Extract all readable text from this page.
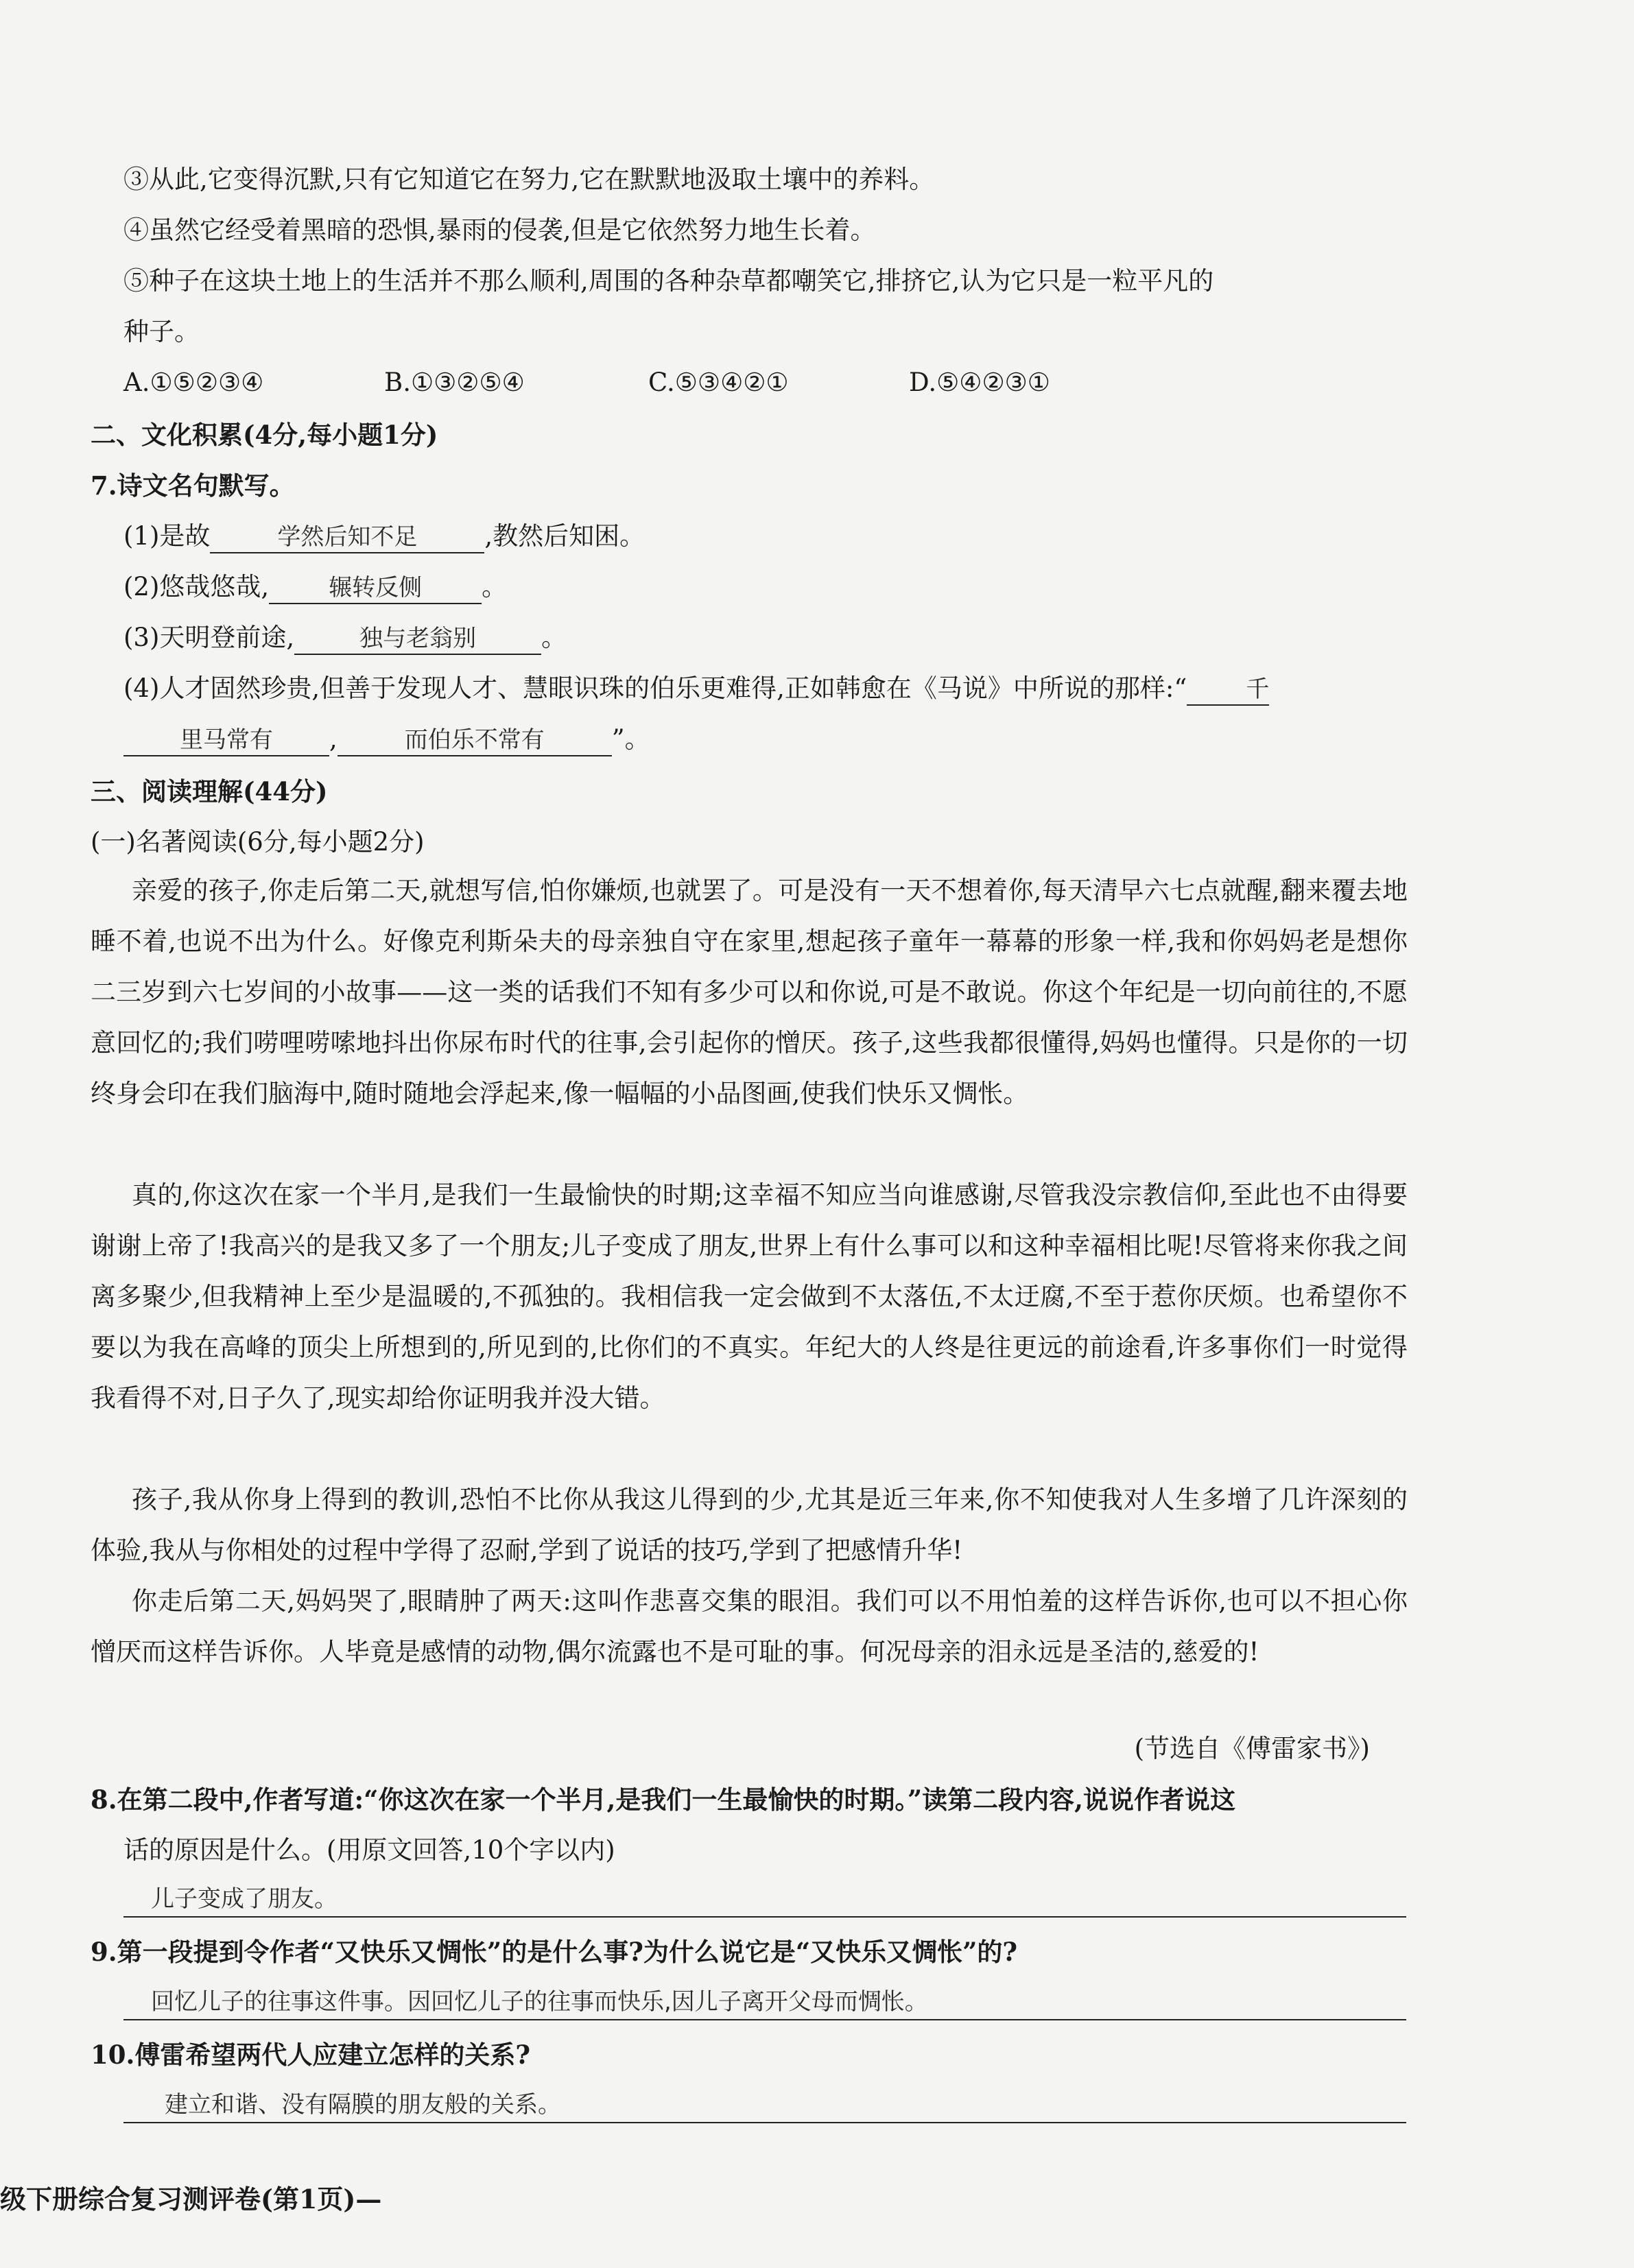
③从此,它变得沉默,只有它知道它在努力,它在默默地汲取土壤中的养料。
④虽然它经受着黑暗的恐惧,暴雨的侵袭,但是它依然努力地生长着。
⑤种子在这块土地上的生活并不那么顺利,周围的各种杂草都嘲笑它,排挤它,认为它只是一粒平凡的
种子。
A.①⑤②③④	B.①③②⑤④	C.⑤③④②①	D.⑤④②③①
二、文化积累(4分,每小题1分)
7.诗文名句默写。
(1)是故	学然后知不足	,教然后知困。
(2)悠哉悠哉,	辗转反侧 。
(3)天明登前途,	独与老翁别	。
(4)人才固然珍贵,但善于发现人才、慧眼识珠的伯乐更难得,正如韩愈在《马说》中所说的那样:“	千
里马常有 ,	而伯乐不常有	”。
三、阅读理解(44分)
(一)名著阅读(6分,每小题2分)
亲爱的孩子,你走后第二天,就想写信,怕你嫌烦,也就罢了。可是没有一天不想着你,每天清早六七点就醒,翻来覆去地睡不着,也说不出为什么。好像克利斯朵夫的母亲独自守在家里,想起孩子童年一幕幕的形象一样,我和你妈妈老是想你二三岁到六七岁间的小故事——这一类的话我们不知有多少可以和你说,可是不敢说。你这个年纪是一切向前往的,不愿意回忆的;我们唠哩唠嗦地抖出你尿布时代的往事,会引起你的憎厌。孩子,这些我都很懂得,妈妈也懂得。只是你的一切终身会印在我们脑海中,随时随地会浮起来,像一幅幅的小品图画,使我们快乐又惆怅。
真的,你这次在家一个半月,是我们一生最愉快的时期;这幸福不知应当向谁感谢,尽管我没宗教信仰,至此也不由得要谢谢上帝了!我高兴的是我又多了一个朋友;儿子变成了朋友,世界上有什么事可以和这种幸福相比呢!尽管将来你我之间离多聚少,但我精神上至少是温暖的,不孤独的。我相信我一定会做到不太落伍,不太迂腐,不至于惹你厌烦。也希望你不要以为我在高峰的顶尖上所想到的,所见到的,比你们的不真实。年纪大的人终是往更远的前途看,许多事你们一时觉得我看得不对,日子久了,现实却给你证明我并没大错。
孩子,我从你身上得到的教训,恐怕不比你从我这儿得到的少,尤其是近三年来,你不知使我对人生多增了几许深刻的体验,我从与你相处的过程中学得了忍耐,学到了说话的技巧,学到了把感情升华!
你走后第二天,妈妈哭了,眼睛肿了两天:这叫作悲喜交集的眼泪。我们可以不用怕羞的这样告诉你,也可以不担心你憎厌而这样告诉你。人毕竟是感情的动物,偶尔流露也不是可耻的事。何况母亲的泪永远是圣洁的,慈爱的!
(节选自《傅雷家书》)
8.在第二段中,作者写道:“你这次在家一个半月,是我们一生最愉快的时期。”读第二段内容,说说作者说这
话的原因是什么。(用原文回答,10个字以内)
儿子变成了朋友。
9.第一段提到令作者“又快乐又惆怅”的是什么事?为什么说它是“又快乐又惆怅”的?
回忆儿子的往事这件事。因回忆儿子的往事而快乐,因儿子离开父母而惆怅。
10.傅雷希望两代人应建立怎样的关系?
建立和谐、没有隔膜的朋友般的关系。
级下册综合复习测评卷(第1页)—
